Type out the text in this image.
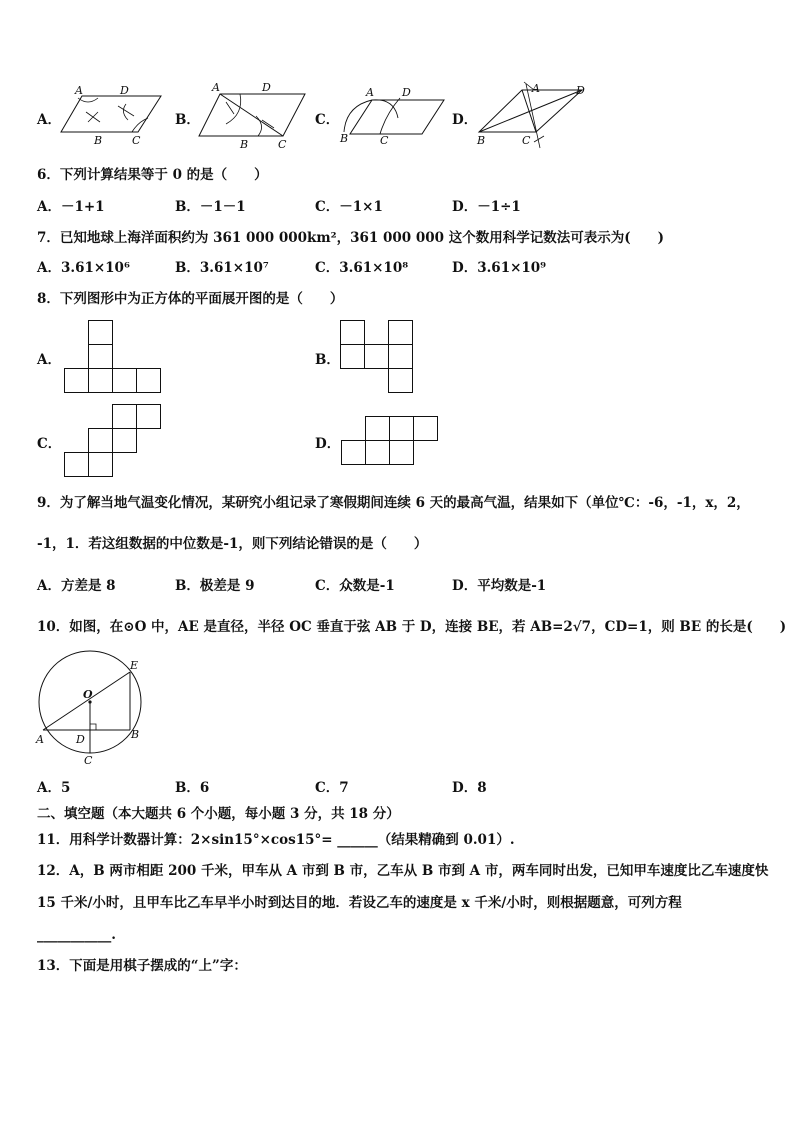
A．
A	D
B	C
B．
A	D
B	C
C．
A	D
B	C
D．
A	D
B	C
6．下列计算结果等于 0 的是（　　）
A．－1+1	B．－1－1	C．－1×1	D．－1÷1
7．已知地球上海洋面积约为 361 000 000km²，361 000 000 这个数用科学记数法可表示为(　　)
A．3.61×10⁶	B．3.61×10⁷	C．3.61×10⁸	D．3.61×10⁹
8．下列图形中为正方体的平面展开图的是（　　）
A．	B．
C．	D．
9．为了解当地气温变化情况，某研究小组记录了寒假期间连续 6 天的最高气温，结果如下（单位℃：-6，-1，x，2，
-1，1．若这组数据的中位数是-1，则下列结论错误的是（　　）
A．方差是 8	B．极差是 9	C．众数是-1	D．平均数是-1
10．如图，在⊙O 中，AE 是直径，半径 OC 垂直于弦 AB 于 D，连接 BE，若 AB=2√7，CD=1，则 BE 的长是(　　)
O
E
A	B
D
C
A．5	B．6	C．7	D．8
二、填空题（本大题共 6 个小题，每小题 3 分，共 18 分）
11．用科学计数器计算：2×sin15°×cos15°= ______（结果精确到 0.01）.
12．A，B 两市相距 200 千米，甲车从 A 市到 B 市，乙车从 B 市到 A 市，两车同时出发，已知甲车速度比乙车速度快
15 千米/小时，且甲车比乙车早半小时到达目的地．若设乙车的速度是 x 千米/小时，则根据题意，可列方程
___________.
13．下面是用棋子摆成的“上”字：
